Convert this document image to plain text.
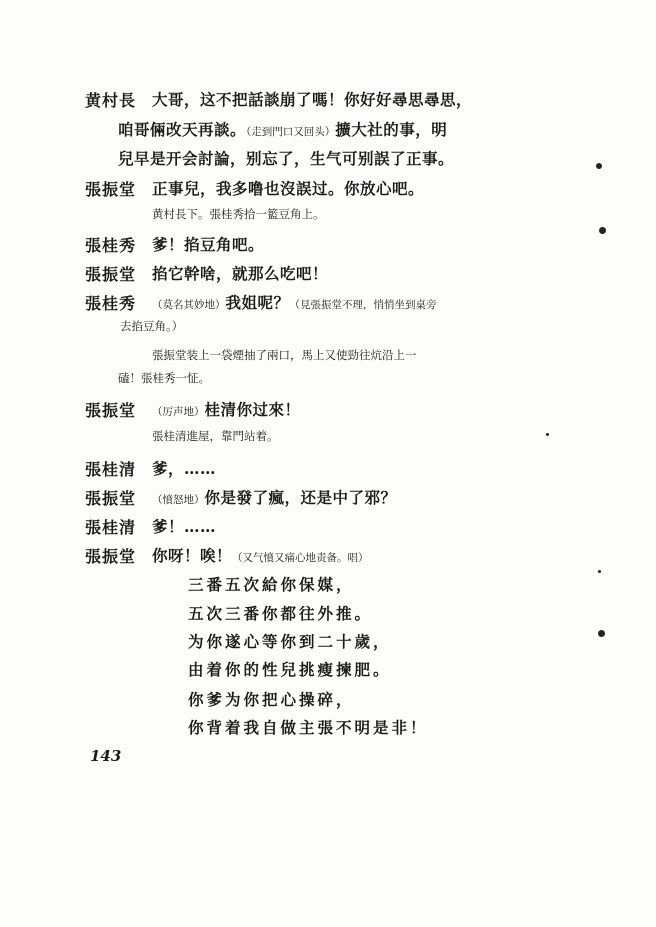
黄村長 大哥，这不把話談崩了嗎！你好好尋思尋思，
咱哥倆改天再談。（走到門口又回头）擴大社的事，明
兒早是开会討論，别忘了，生气可别誤了正事。
張振堂 正事兒，我多噜也沒誤过。你放心吧。
黄村長下。張桂秀拾一籃豆角上。
張桂秀 爹！掐豆角吧。
張振堂 掐它幹啥，就那么吃吧！
張桂秀 （莫名其妙地）我姐呢？（見張振堂不理，悄悄坐到桌旁
去掐豆角。）
張振堂装上一袋煙抽了兩口，馬上又使勁往炕沿上一
磕！張桂秀一怔。
張振堂 （厉声地）桂清你过來！
張桂清進屋，靠門站着。
張桂清 爹，……
張振堂 （憤怒地）你是發了瘋，还是中了邪？
張桂清 爹！……
張振堂 你呀！唉！（又气憤又痛心地责备。唱）
三番五次給你保媒，
五次三番你都往外推。
为你遂心等你到二十歲，
由着你的性兒挑瘦揀肥。
你爹为你把心操碎，
你背着我自做主張不明是非！
143
